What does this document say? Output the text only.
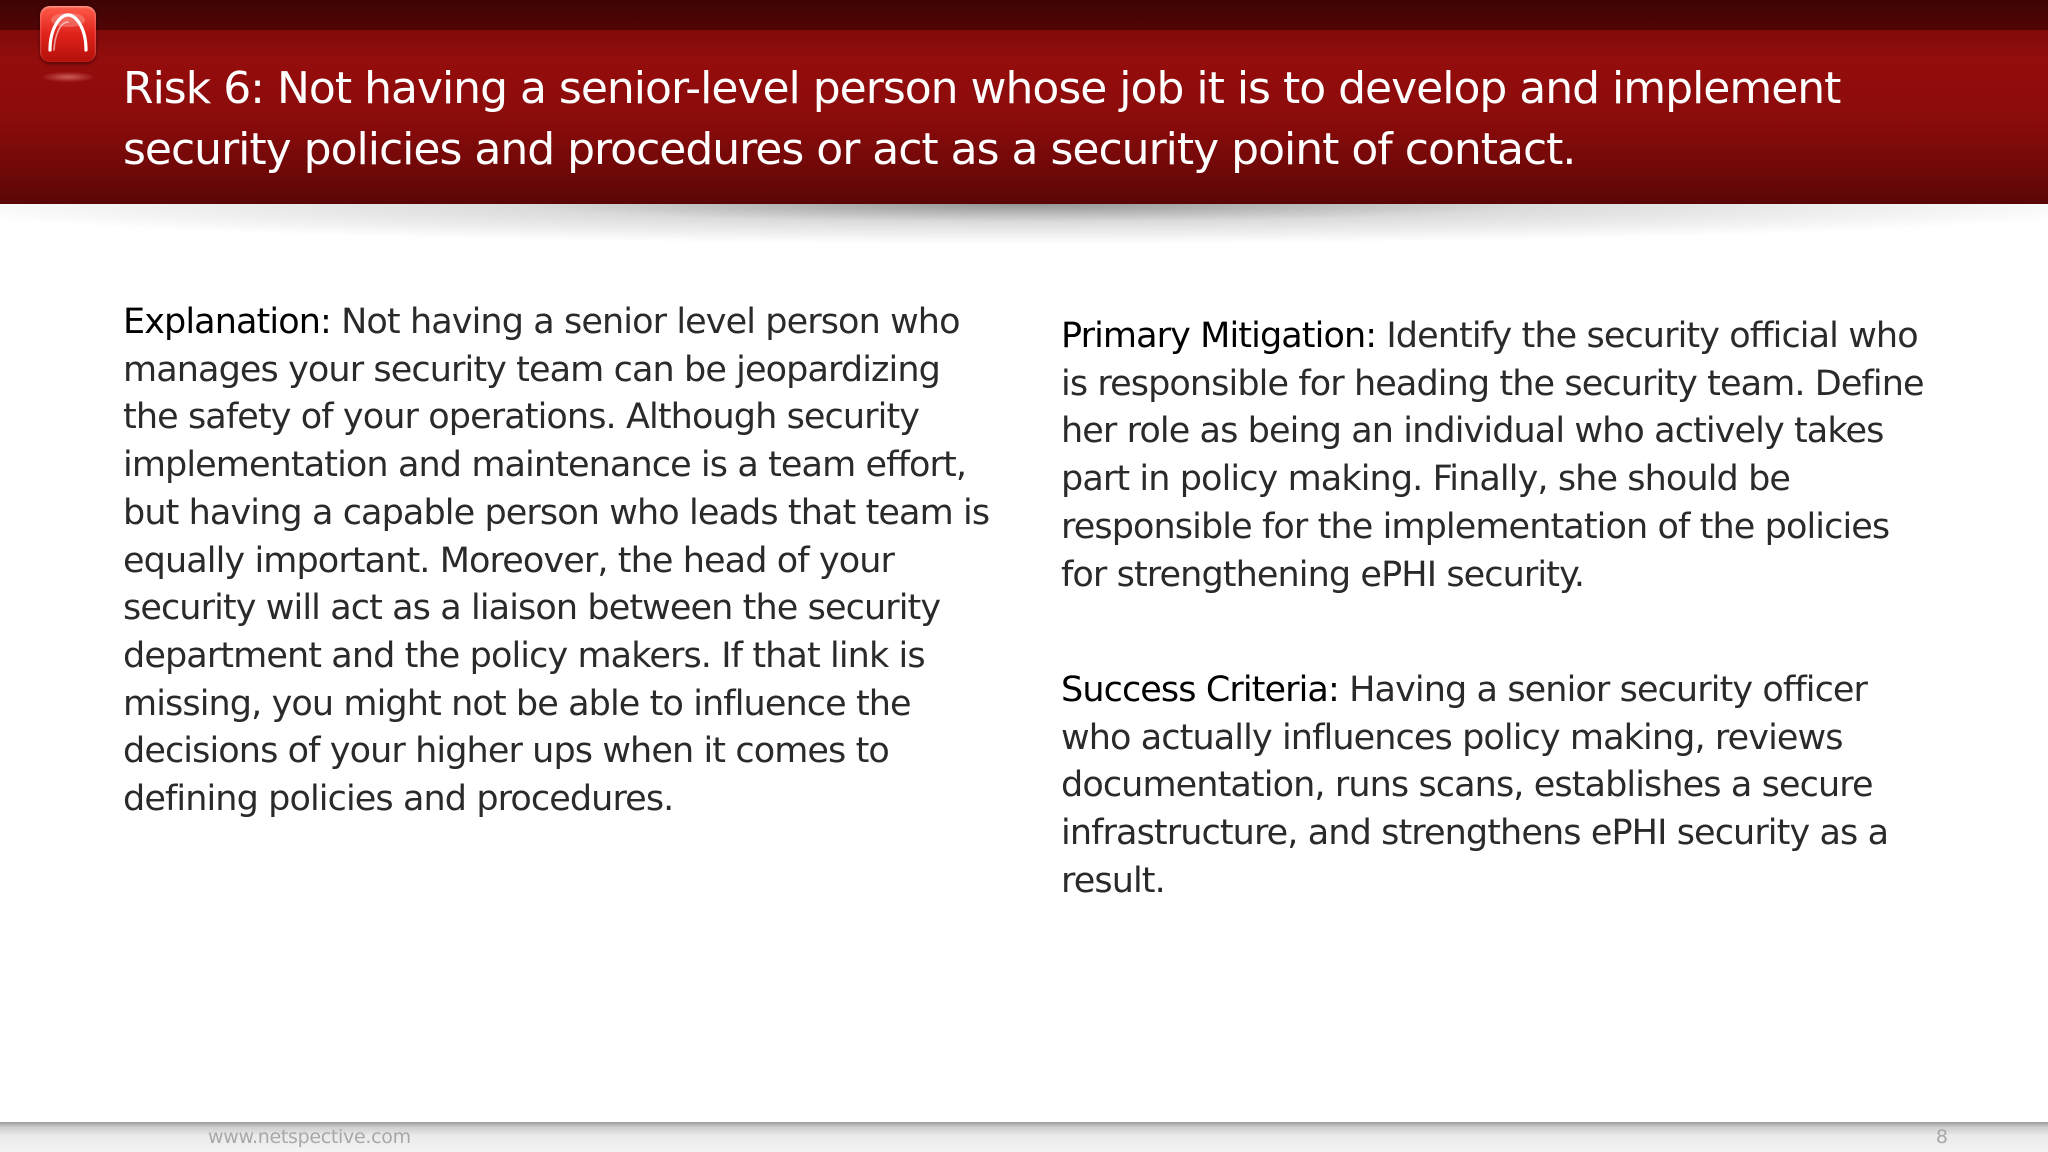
Risk 6: Not having a senior-level person whose job it is to develop and implement
security policies and procedures or act as a security point of contact.

Explanation: Not having a senior level person who
manages your security team can be jeopardizing
the safety of your operations. Although security
implementation and maintenance is a team effort,
but having a capable person who leads that team is
equally important. Moreover, the head of your
security will act as a liaison between the security
department and the policy makers. If that link is
missing, you might not be able to influence the
decisions of your higher ups when it comes to
defining policies and procedures.

Primary Mitigation: Identify the security official who
is responsible for heading the security team. Define
her role as being an individual who actively takes
part in policy making. Finally, she should be
responsible for the implementation of the policies
for strengthening ePHI security.

Success Criteria: Having a senior security officer
who actually influences policy making, reviews
documentation, runs scans, establishes a secure
infrastructure, and strengthens ePHI security as a
result.

www.netspective.com	8
